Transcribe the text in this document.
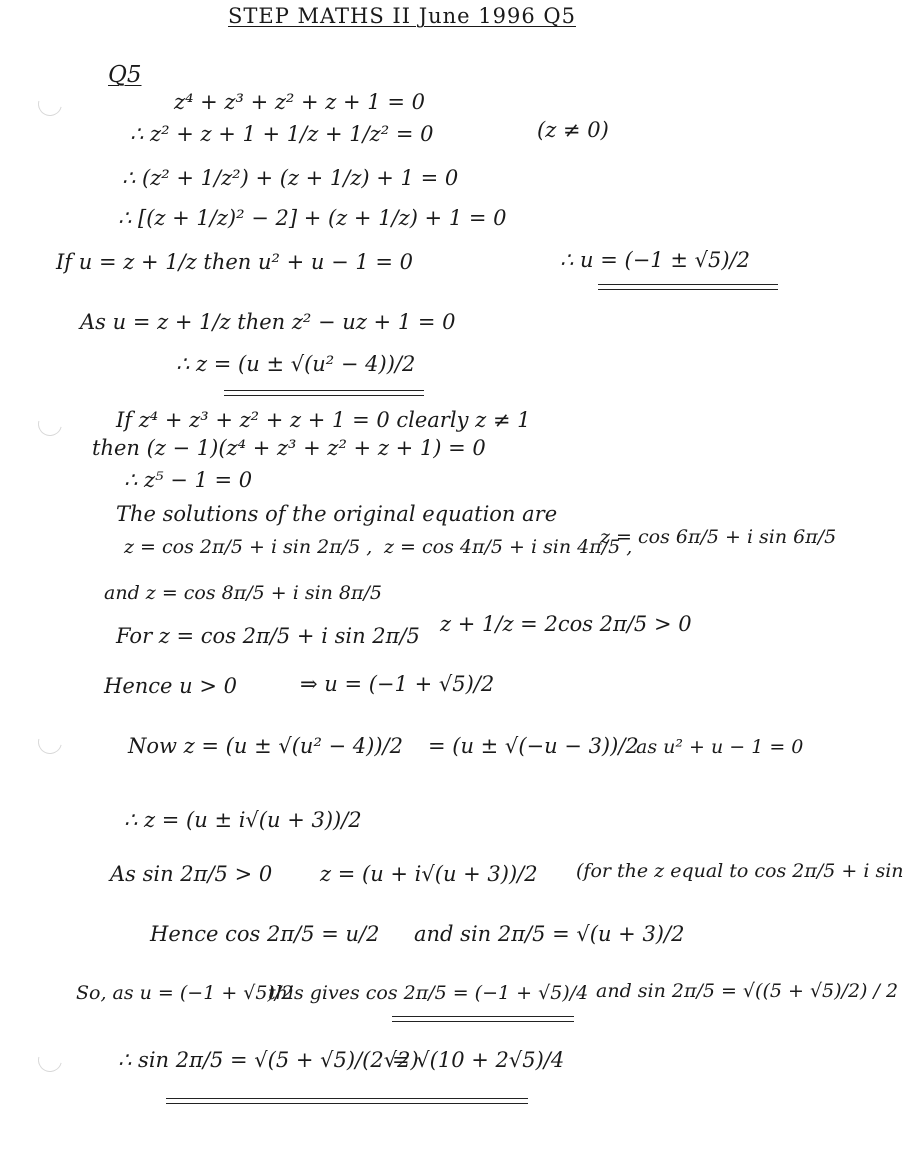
STEP MATHS II June 1996 Q5
Q5
z⁴ + z³ + z² + z + 1 = 0
∴ z² + z + 1 + 1/z + 1/z² = 0	(z ≠ 0)
∴ (z² + 1/z²) + (z + 1/z) + 1 = 0
∴ [(z + 1/z)² − 2] + (z + 1/z) + 1 = 0
If u = z + 1/z then u² + u − 1 = 0	∴ u = (−1 ± √5)/2
As u = z + 1/z then z² − uz + 1 = 0
∴ z = (u ± √(u² − 4))/2
If z⁴ + z³ + z² + z + 1 = 0 clearly z ≠ 1
then (z − 1)(z⁴ + z³ + z² + z + 1) = 0
∴ z⁵ − 1 = 0
The solutions of the original equation are
z = cos 2π/5 + i sin 2π/5 , z = cos 4π/5 + i sin 4π/5 ,
z = cos 6π/5 + i sin 6π/5
and z = cos 8π/5 + i sin 8π/5
For z = cos 2π/5 + i sin 2π/5 z + 1/z = 2cos 2π/5 > 0
Hence u > 0	⇒ u = (−1 + √5)/2
Now z = (u ± √(u² − 4))/2 = (u ± √(−u − 3))/2
as u² + u − 1 = 0
∴ z = (u ± i√(u + 3))/2
As sin 2π/5 > 0 z = (u + i√(u + 3))/2 (for the z equal to cos 2π/5 + i sin
Hence cos 2π/5 = u/2 and sin 2π/5 = √(u + 3)/2
So, as u = (−1 + √5)/2
this gives cos 2π/5 = (−1 + √5)/4 and sin 2π/5 = √((5 + √5)/2) / 2
∴ sin 2π/5 = √(5 + √5)/(2√2)
= √(10 + 2√5)/4
